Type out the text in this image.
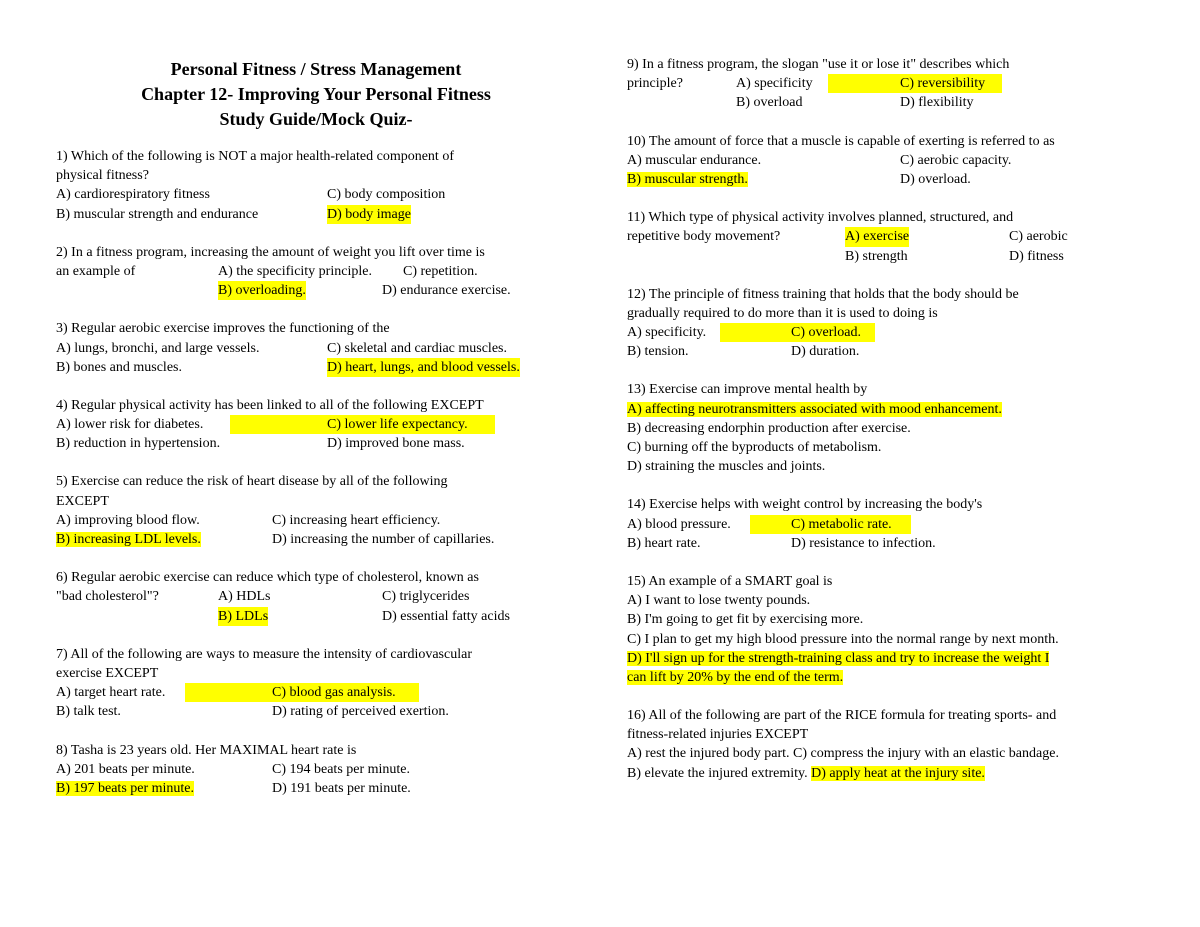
Personal Fitness / Stress Management
Chapter 12- Improving Your Personal Fitness
Study Guide/Mock Quiz-
1) Which of the following is NOT a major health-related component of
physical fitness?
A) cardiorespiratory fitness	C) body composition
B) muscular strength and endurance	D) body image
2) In a fitness program, increasing the amount of weight you lift over time is
an example of	A) the specificity principle. C) repetition.
B) overloading.	D) endurance exercise.
3) Regular aerobic exercise improves the functioning of the
A) lungs, bronchi, and large vessels.	C) skeletal and cardiac muscles.
B) bones and muscles.	D) heart, lungs, and blood vessels.
4) Regular physical activity has been linked to all of the following EXCEPT
A) lower risk for diabetes.	C) lower life expectancy.
B) reduction in hypertension.	D) improved bone mass.
5) Exercise can reduce the risk of heart disease by all of the following
EXCEPT
A) improving blood flow.	C) increasing heart efficiency.
B) increasing LDL levels.	D) increasing the number of capillaries.
6) Regular aerobic exercise can reduce which type of cholesterol, known as
"bad cholesterol"?	A) HDLs	C) triglycerides
B) LDLs	D) essential fatty acids
7) All of the following are ways to measure the intensity of cardiovascular
exercise EXCEPT
A) target heart rate.	C) blood gas analysis.
B) talk test.	D) rating of perceived exertion.
8) Tasha is 23 years old. Her MAXIMAL heart rate is
A) 201 beats per minute.	C) 194 beats per minute.
B) 197 beats per minute.	D) 191 beats per minute.
9) In a fitness program, the slogan "use it or lose it" describes which
principle?	A) specificity	C) reversibility
B) overload	D) flexibility
10) The amount of force that a muscle is capable of exerting is referred to as
A) muscular endurance.	C) aerobic capacity.
B) muscular strength.	D) overload.
11) Which type of physical activity involves planned, structured, and
repetitive body movement?	A) exercise	C) aerobic
B) strength	D) fitness
12) The principle of fitness training that holds that the body should be
gradually required to do more than it is used to doing is
A) specificity.	C) overload.
B) tension.	D) duration.
13) Exercise can improve mental health by
A) affecting neurotransmitters associated with mood enhancement.
B) decreasing endorphin production after exercise.
C) burning off the byproducts of metabolism.
D) straining the muscles and joints.
14) Exercise helps with weight control by increasing the body's
A) blood pressure.	C) metabolic rate.
B) heart rate.	D) resistance to infection.
15) An example of a SMART goal is
A) I want to lose twenty pounds.
B) I'm going to get fit by exercising more.
C) I plan to get my high blood pressure into the normal range by next month.
D) I'll sign up for the strength-training class and try to increase the weight I
can lift by 20% by the end of the term.
16) All of the following are part of the RICE formula for treating sports- and
fitness-related injuries EXCEPT
A) rest the injured body part. C) compress the injury with an elastic bandage.
B) elevate the injured extremity. D) apply heat at the injury site.
